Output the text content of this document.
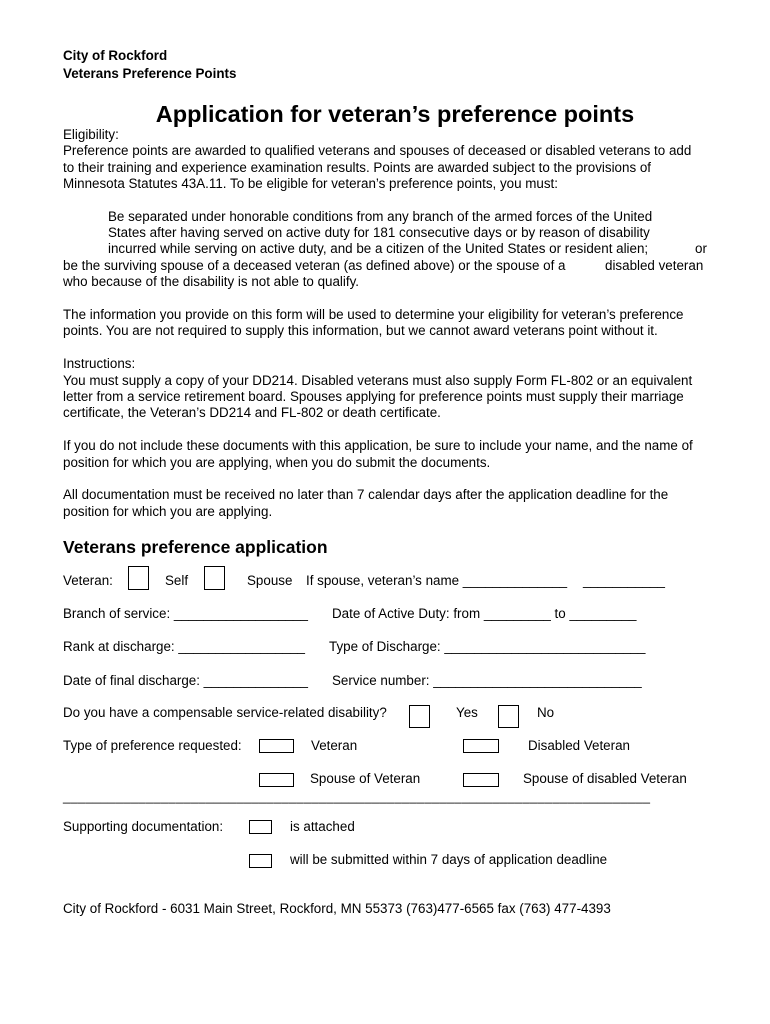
City of Rockford
Veterans Preference Points
Application for veteran’s preference points
Eligibility:
Preference points are awarded to qualified veterans and spouses of deceased or disabled veterans to add
to their training and experience examination results. Points are awarded subject to the provisions of
Minnesota Statutes 43A.11. To be eligible for veteran’s preference points, you must:
Be separated under honorable conditions from any branch of the armed forces of the United
States after having served on active duty for 181 consecutive days or by reason of disability
incurred while serving on active duty, and be a citizen of the United States or resident alien;	or
be the surviving spouse of a deceased veteran (as defined above) or the spouse of a	disabled veteran
who because of the disability is not able to qualify.
The information you provide on this form will be used to determine your eligibility for veteran’s preference
points. You are not required to supply this information, but we cannot award veterans point without it.
Instructions:
You must supply a copy of your DD214. Disabled veterans must also supply Form FL-802 or an equivalent
letter from a service retirement board. Spouses applying for preference points must supply their marriage
certificate, the Veteran’s DD214 and FL-802 or death certificate.
If you do not include these documents with this application, be sure to include your name, and the name of
position for which you are applying, when you do submit the documents.
All documentation must be received no later than 7 calendar days after the application deadline for the
position for which you are applying.
Veterans preference application
Veteran:	Self	Spouse If spouse, veteran’s name ______________ ___________
Branch of service: __________________ Date of Active Duty: from _________ to _________
Rank at discharge: _________________ Type of Discharge: ___________________________
Date of final discharge: ______________ Service number: ____________________________
Do you have a compensable service-related disability?	Yes	No
Type of preference requested:	Veteran	Disabled Veteran
Spouse of Veteran	Spouse of disabled Veteran
______________________________________________________________________________
Supporting documentation:	is attached
will be submitted within 7 days of application deadline
City of Rockford - 6031 Main Street, Rockford, MN 55373 (763)477-6565 fax (763) 477-4393
